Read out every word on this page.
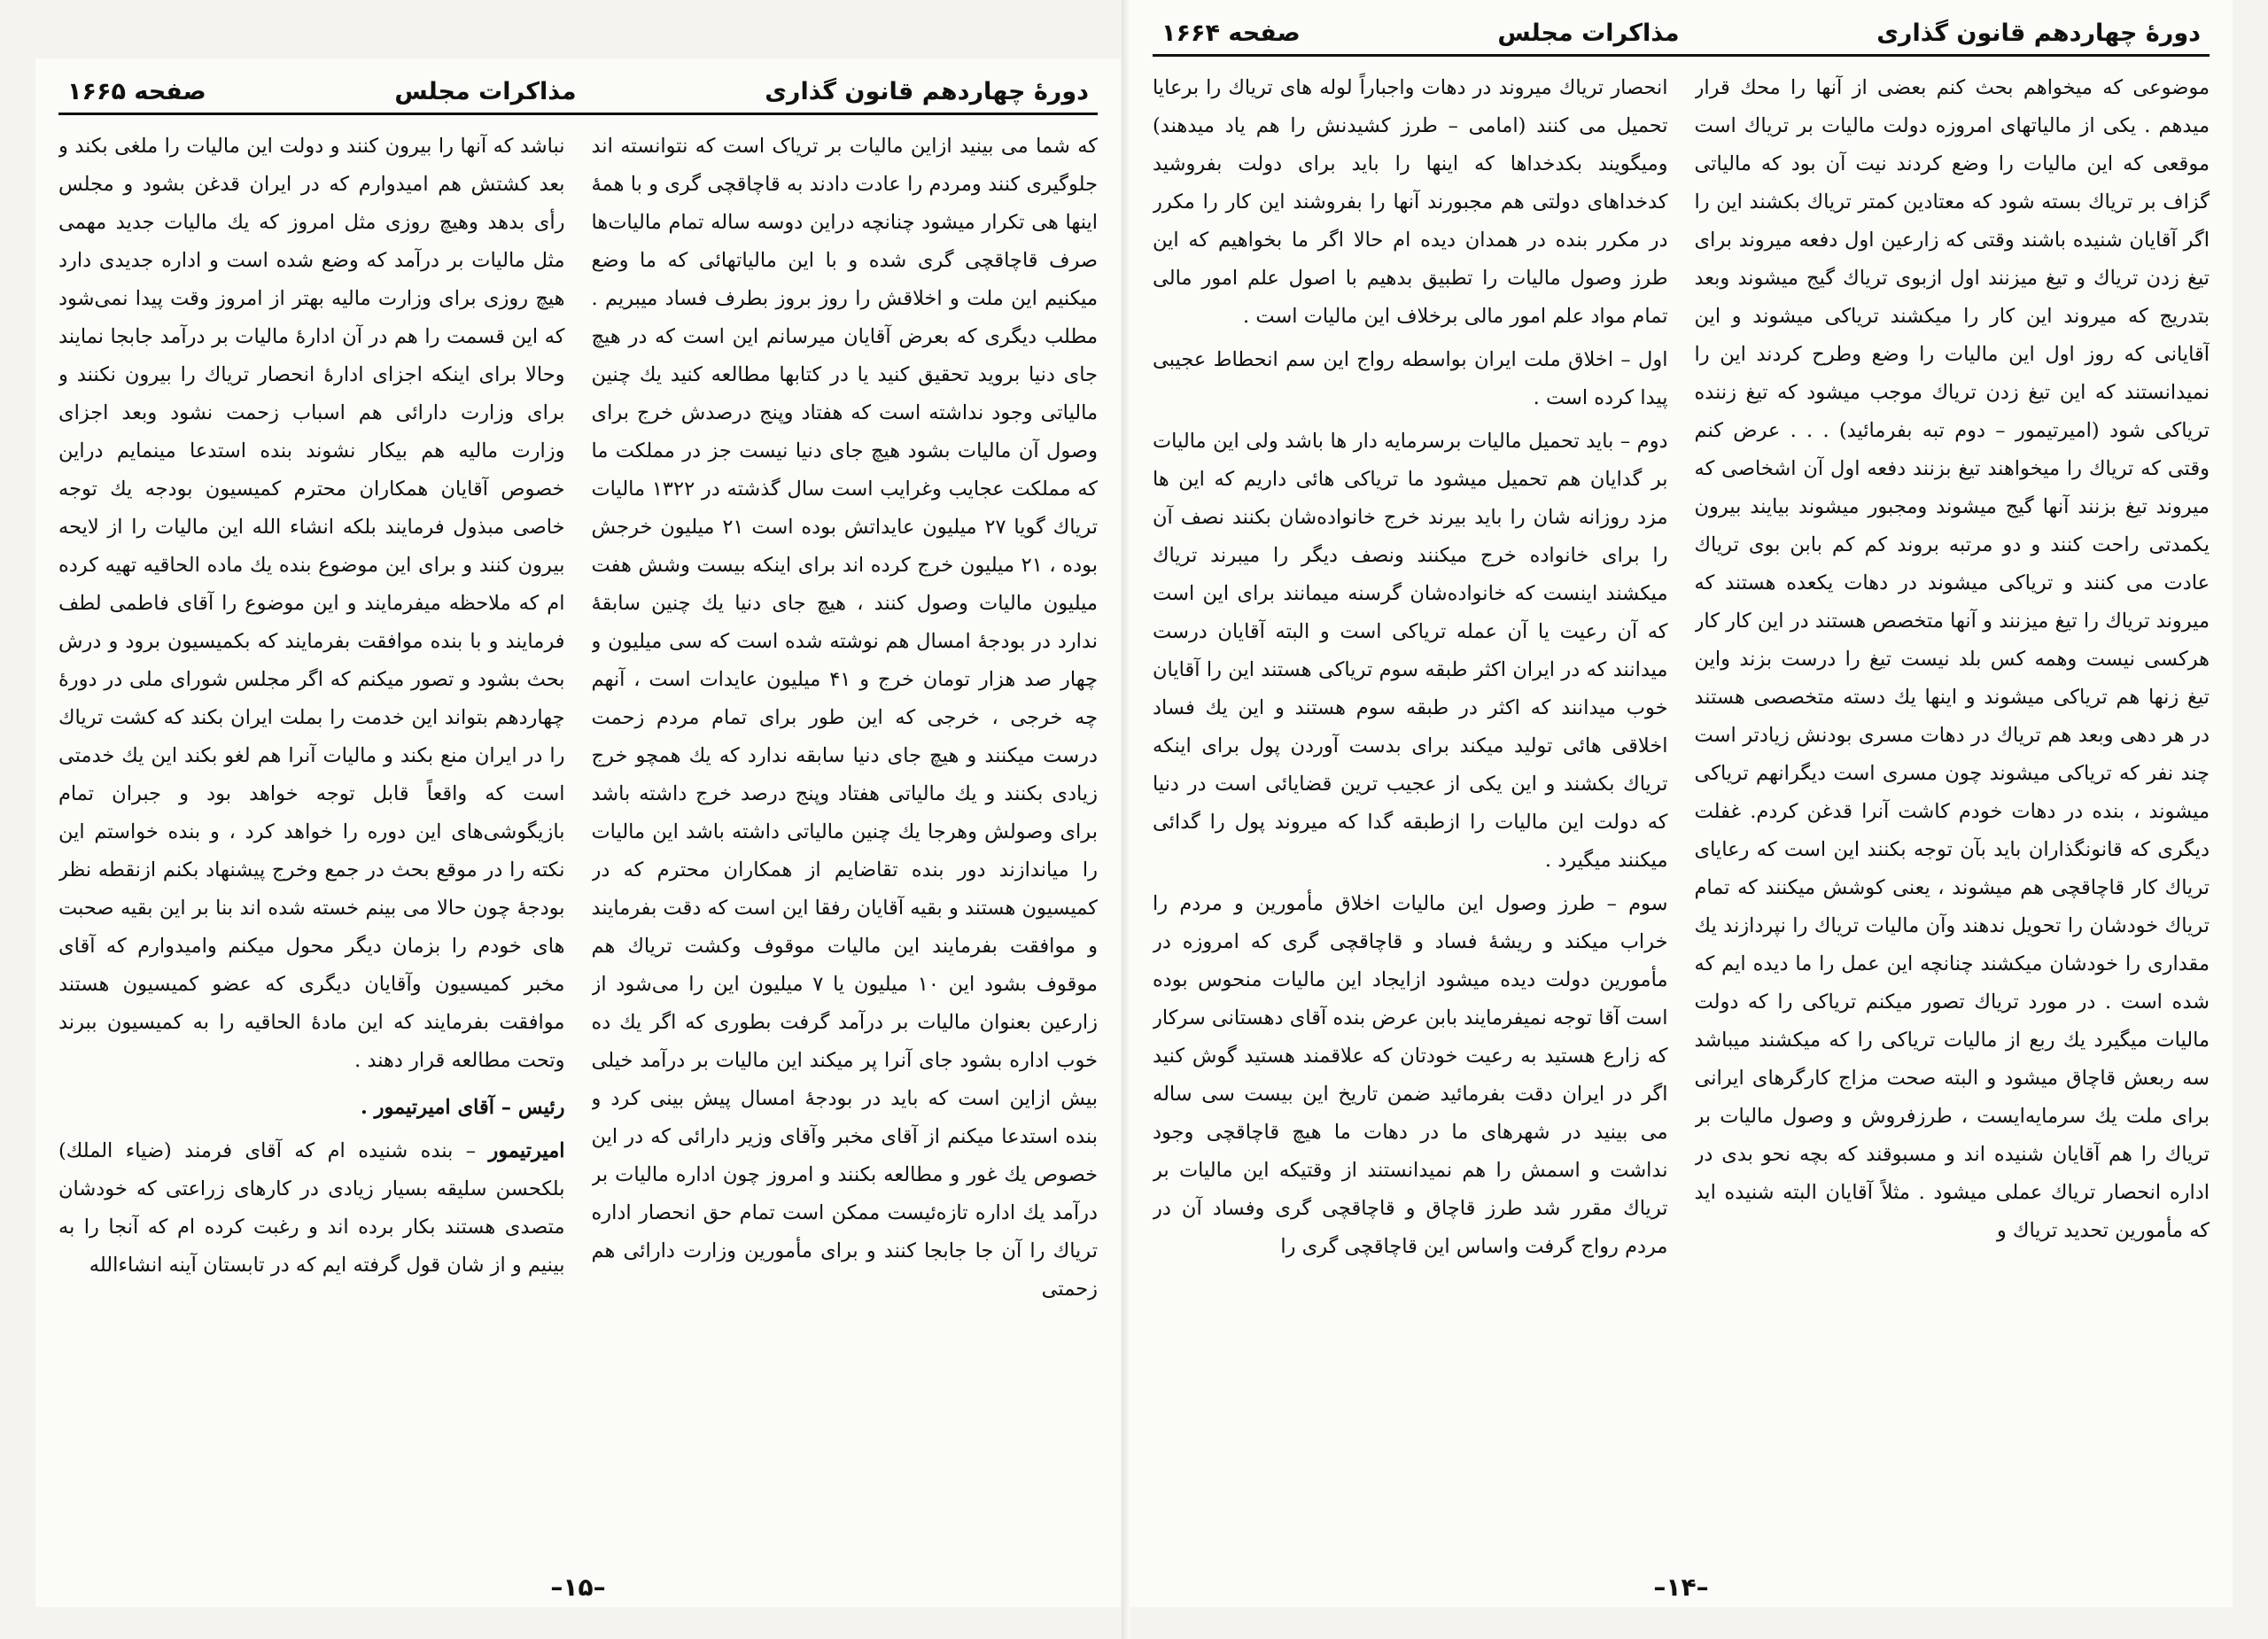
دورهٔ چهاردهم قانون گذاری
مذاکرات مجلس
صفحه ۱۶۶۵

که شما می بینید ازاین مالیات بر تریاک است که نتوانسته اند جلوگیری کنند ومردم را عادت دادند به قاچاقچی گری و با همهٔ اینها هی تکرار میشود چنانچه دراین دوسه ساله تمام مالیات‌ها صرف قاچاقچی گری شده و با این مالیاتهائی که ما وضع میکنیم این ملت و اخلاقش را روز بروز بطرف فساد میبریم . مطلب دیگری که بعرض آقایان میرسانم این است که در هیچ جای دنیا بروید تحقیق کنید یا در کتابها مطالعه کنید یك چنین مالیاتی وجود نداشته است که هفتاد وپنج درصدش خرج برای وصول آن مالیات بشود هیچ جای دنیا نیست جز در مملکت ما که مملکت عجایب وغرایب است سال گذشته در ۱۳۲۲ مالیات تریاك گویا ۲۷ میلیون عایداتش بوده است ۲۱ میلیون خرجش بوده ، ۲۱ میلیون خرج کرده اند برای اینکه بیست وشش هفت میلیون مالیات وصول کنند ، هیچ جای دنیا یك چنین سابقهٔ ندارد در بودجهٔ امسال هم نوشته شده است که سی میلیون و چهار صد هزار تومان خرج و ۴۱ میلیون عایدات است ، آنهم چه خرجی ، خرجی که این طور برای تمام مردم زحمت درست میکنند و هیچ جای دنیا سابقه ندارد که یك همچو خرج زیادی بکنند و یك مالیاتی هفتاد وپنج درصد خرج داشته باشد برای وصولش وهرجا یك چنین مالیاتی داشته باشد این مالیات را میاندازند دور بنده تقاضایم از همکاران محترم که در کمیسیون هستند و بقیه آقایان رفقا این است که دقت بفرمایند و موافقت بفرمایند این مالیات موقوف وکشت تریاك هم موقوف بشود این ۱۰ میلیون یا ۷ میلیون این را می‌شود از زارعین بعنوان مالیات بر درآمد گرفت بطوری که اگر یك ده خوب اداره بشود جای آنرا پر میکند این مالیات بر درآمد خیلی بیش ازاین است که باید در بودجهٔ امسال پیش بینی کرد و بنده استدعا میکنم از آقای مخبر وآقای وزیر دارائی که در این خصوص یك غور و مطالعه بکنند و امروز چون اداره مالیات بر درآمد یك اداره تازه‌ئیست ممکن است تمام حق انحصار اداره تریاك را آن جا جابجا کنند و برای مأمورین وزارت دارائی هم زحمتی

نباشد که آنها را بیرون کنند و دولت این مالیات را ملغی بکند و بعد کشتش هم امیدوارم که در ایران قدغن بشود و مجلس رأی بدهد وهیچ روزی مثل امروز که یك مالیات جدید مهمی مثل مالیات بر درآمد که وضع شده است و اداره جدیدی دارد هیچ روزی برای وزارت مالیه بهتر از امروز وقت پیدا نمی‌شود که این قسمت را هم در آن ادارهٔ مالیات بر درآمد جابجا نمایند وحالا برای اینکه اجزای ادارهٔ انحصار تریاك را بیرون نکنند و برای وزارت دارائی هم اسباب زحمت نشود وبعد اجزای وزارت مالیه هم بیکار نشوند بنده استدعا مینمایم دراین خصوص آقایان همکاران محترم کمیسیون بودجه یك توجه خاصی مبذول فرمایند بلکه انشاء الله این مالیات را از لایحه بیرون کنند و برای این موضوع بنده یك ماده الحاقیه تهیه کرده ام که ملاحظه میفرمایند و این موضوع را آقای فاطمی لطف فرمایند و با بنده موافقت بفرمایند که بکمیسیون برود و درش بحث بشود و تصور میکنم که اگر مجلس شورای ملی در دورهٔ چهاردهم بتواند این خدمت را بملت ایران بکند که کشت تریاك را در ایران منع بکند و مالیات آنرا هم لغو بکند این یك خدمتی است که واقعاً قابل توجه خواهد بود و جبران تمام بازیگوشی‌های این دوره را خواهد کرد ، و بنده خواستم این نکته را در موقع بحث در جمع وخرج پیشنهاد بکنم ازنقطه نظر بودجهٔ چون حالا می بینم خسته شده اند بنا بر این بقیه صحبت های خودم را بزمان دیگر محول میکنم وامیدوارم که آقای مخبر کمیسیون وآقایان دیگری که عضو کمیسیون هستند موافقت بفرمایند که این مادهٔ الحاقیه را به کمیسیون ببرند وتحت مطالعه قرار دهند .

رئیس – آقای امیرتیمور .

امیرتیمور – بنده شنیده ام که آقای فرمند (ضیاء الملك) بلکحسن سلیقه بسیار زیادی در کارهای زراعتی که خودشان متصدی هستند بکار برده اند و رغبت کرده ام که آنجا را به بینیم و از شان قول گرفته ایم که در تابستان آینه انشاءالله

–۱۵–
دورهٔ چهاردهم قانون گذاری
مذاکرات مجلس
صفحه ۱۶۶۴

موضوعی که میخواهم بحث کنم بعضی از آنها را محك قرار میدهم . یکی از مالیاتهای امروزه دولت مالیات بر تریاك است موقعی که این مالیات را وضع کردند نیت آن بود که مالیاتی گزاف بر تریاك بسته شود که معتادین کمتر تریاك بکشند این را اگر آقایان شنیده باشند وقتی که زارعین اول دفعه میروند برای تیغ زدن تریاك و تیغ میزنند اول ازبوی تریاك گیج میشوند وبعد بتدریج که میروند این کار را میکشند تریاکی میشوند و این آقایانی که روز اول این مالیات را وضع وطرح کردند این را نمیدانستند که این تیغ زدن تریاك موجب میشود که تیغ زننده تریاکی شود (امیرتیمور – دوم تبه بفرمائید) . . . عرض کنم وقتی که تریاك را میخواهند تیغ بزنند دفعه اول آن اشخاصی که میروند تیغ بزنند آنها گیج میشوند ومجبور میشوند بیایند بیرون یکمدتی راحت کنند و دو مرتبه بروند کم کم بابن بوی تریاك عادت می کنند و تریاکی میشوند در دهات یکعده هستند که میروند تریاك را تیغ میزنند و آنها متخصص هستند در این کار کار هرکسی نیست وهمه کس بلد نیست تیغ را درست بزند واین تیغ زنها هم تریاکی میشوند و اینها یك دسته متخصصی هستند در هر دهی وبعد هم تریاك در دهات مسری بودنش زیادتر است چند نفر که تریاکی میشوند چون مسری است دیگرانهم تریاکی میشوند ، بنده در دهات خودم کاشت آنرا قدغن کردم. غفلت دیگری که قانونگذاران باید بآن توجه بکنند این است که رعایای تریاك کار قاچاقچی هم میشوند ، یعنی کوشش میکنند که تمام تریاك خودشان را تحویل ندهند وآن مالیات تریاك را نپردازند یك مقداری را خودشان میکشند چنانچه این عمل را ما دیده ایم که شده است . در مورد تریاك تصور میکنم تریاکی را که دولت مالیات میگیرد یك ربع از مالیات تریاکی را که میکشند میباشد سه ربعش قاچاق میشود و البته صحت مزاج کارگرهای ایرانی برای ملت یك سرمایه‌ایست ، طرزفروش و وصول مالیات بر تریاك را هم آقایان شنیده اند و مسبوقند که بچه نحو بدی در اداره انحصار تریاك عملی میشود . مثلاً آقایان البته شنیده اید که مأمورین تحدید تریاك و

انحصار تریاك میروند در دهات واجباراً لوله های تریاك را برعایا تحمیل می کنند (امامی – طرز کشیدنش را هم یاد میدهند) ومیگویند بکدخداها که اینها را باید برای دولت بفروشید کدخداهای دولتی هم مجبورند آنها را بفروشند این کار را مکرر در مکرر بنده در همدان دیده ام حالا اگر ما بخواهیم که این طرز وصول مالیات را تطبیق بدهیم با اصول علم امور مالی تمام مواد علم امور مالی برخلاف این مالیات است .

اول – اخلاق ملت ایران بواسطه رواج این سم انحطاط عجیبی پیدا کرده است .

دوم – باید تحمیل مالیات برسرمایه دار ها باشد ولی این مالیات بر گدایان هم تحمیل میشود ما تریاکی هائی داریم که این ها مزد روزانه شان را باید بیرند خرج خانواده‌شان بکنند نصف آن را برای خانواده خرج میکنند ونصف دیگر را میبرند تریاك میکشند اینست که خانواده‌شان گرسنه میمانند برای این است که آن رعیت یا آن عمله تریاکی است و البته آقایان درست میدانند که در ایران اکثر طبقه سوم تریاکی هستند این را آقایان خوب میدانند که اکثر در طبقه سوم هستند و این یك فساد اخلاقی هائی تولید میکند برای بدست آوردن پول برای اینکه تریاك بکشند و این یکی از عجیب ترین قضایائی است در دنیا که دولت این مالیات را ازطبقه گدا که میروند پول را گدائی میکنند میگیرد .

سوم – طرز وصول این مالیات اخلاق مأمورین و مردم را خراب میکند و ریشهٔ فساد و قاچاقچی گری که امروزه در مأمورین دولت دیده میشود ازایجاد این مالیات منحوس بوده است آقا توجه نمیفرمایند بابن عرض بنده آقای دهستانی سرکار که زارع هستید به رعیت خودتان که علاقمند هستید گوش کنید اگر در ایران دقت بفرمائید ضمن تاریخ این بیست سی ساله می بینید در شهرهای ما در دهات ما هیچ قاچاقچی وجود نداشت و اسمش را هم نمیدانستند از وقتیکه این مالیات بر تریاك مقرر شد طرز قاچاق و قاچاقچی گری وفساد آن در مردم رواج گرفت واساس این قاچاقچی گری را

–۱۴–
